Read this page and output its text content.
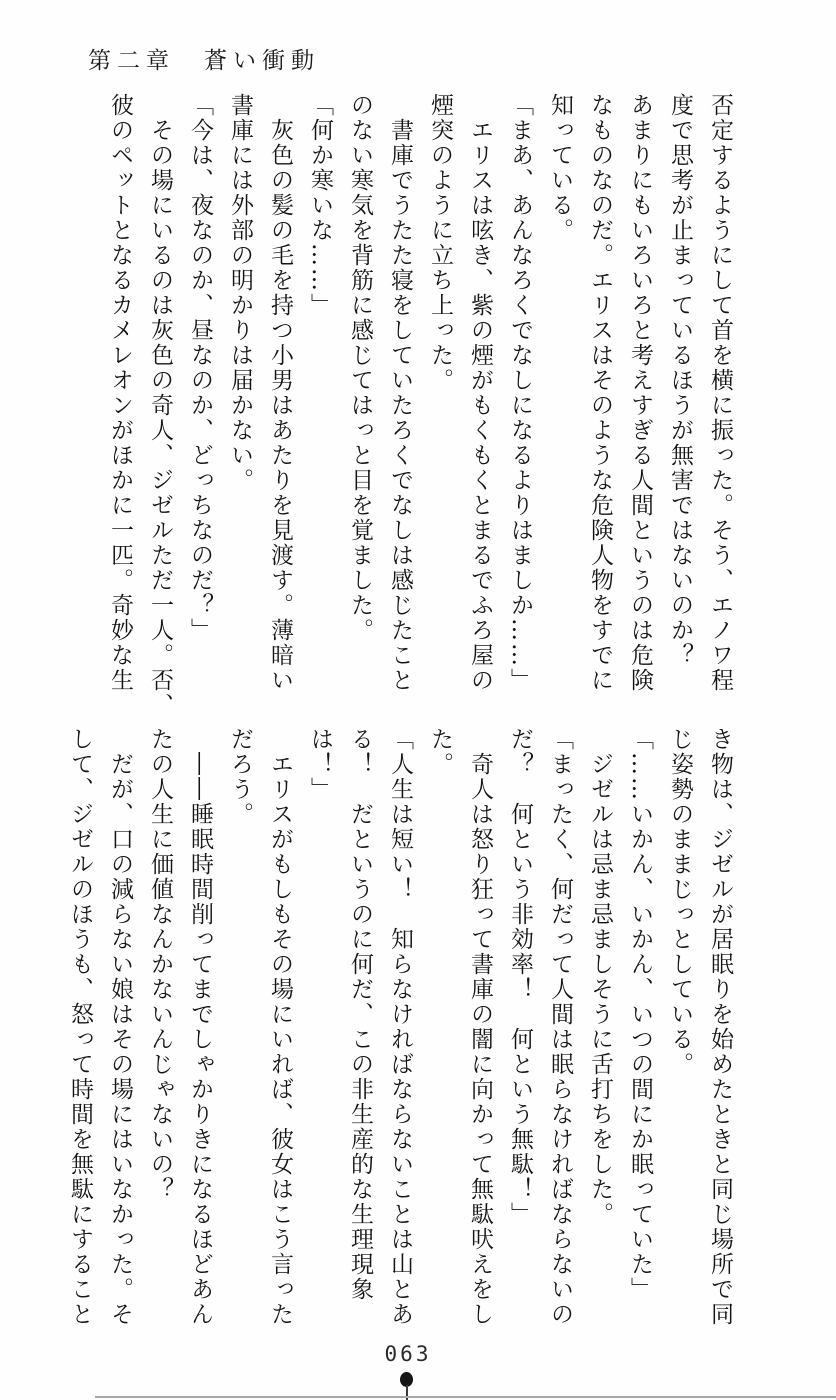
第二章　蒼い衝動
否定するようにして首を横に振った。そう、エノワ程
度で思考が止まっているほうが無害ではないのか？
あまりにもいろいろと考えすぎる人間というのは危険
なものなのだ。エリスはそのような危険人物をすでに
知っている。
「まあ、あんなろくでなしになるよりはましか……」
　エリスは呟き、紫の煙がもくもくとまるでふろ屋の
煙突のように立ち上った。
　書庫でうたた寝をしていたろくでなしは感じたこと
のない寒気を背筋に感じてはっと目を覚ました。
「何か寒いな……」
　灰色の髪の毛を持つ小男はあたりを見渡す。薄暗い
書庫には外部の明かりは届かない。
「今は、夜なのか、昼なのか、どっちなのだ？」
　その場にいるのは灰色の奇人、ジゼルただ一人。否、
彼のペットとなるカメレオンがほかに一匹。奇妙な生
き物は、ジゼルが居眠りを始めたときと同じ場所で同
じ姿勢のままじっとしている。
「……いかん、いかん、いつの間にか眠っていた」
　ジゼルは忌ま忌ましそうに舌打ちをした。
「まったく、何だって人間は眠らなければならないの
だ？　何という非効率！　何という無駄！」
　奇人は怒り狂って書庫の闇に向かって無駄吠えをし
た。
「人生は短い！　知らなければならないことは山とあ
る！　だというのに何だ、この非生産的な生理現象
は！」
　エリスがもしもその場にいれば、彼女はこう言った
だろう。
　――睡眠時間削ってまでしゃかりきになるほどあん
たの人生に価値なんかないんじゃないの？
　だが、口の減らない娘はその場にはいなかった。そ
して、ジゼルのほうも、怒って時間を無駄にすること
063
